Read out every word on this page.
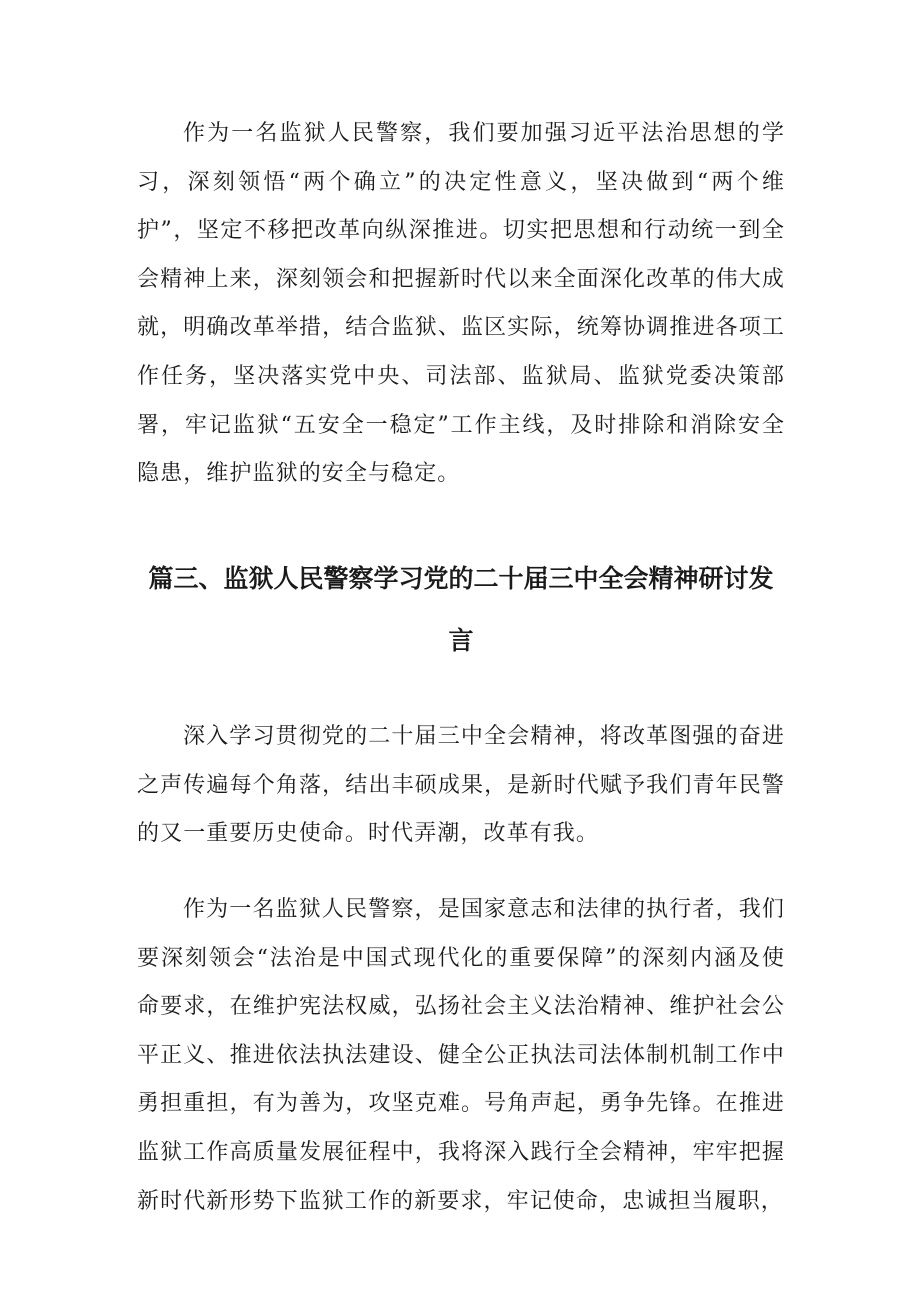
作为一名监狱人民警察，我们要加强习近平法治思想的学习，深刻领悟“两个确立”的决定性意义，坚决做到“两个维护”，坚定不移把改革向纵深推进。切实把思想和行动统一到全会精神上来，深刻领会和把握新时代以来全面深化改革的伟大成就，明确改革举措，结合监狱、监区实际，统筹协调推进各项工作任务，坚决落实党中央、司法部、监狱局、监狱党委决策部署，牢记监狱“五安全一稳定”工作主线，及时排除和消除安全隐患，维护监狱的安全与稳定。

篇三、监狱人民警察学习党的二十届三中全会精神研讨发言

深入学习贯彻党的二十届三中全会精神，将改革图强的奋进之声传遍每个角落，结出丰硕成果，是新时代赋予我们青年民警的又一重要历史使命。时代弄潮，改革有我。

作为一名监狱人民警察，是国家意志和法律的执行者，我们要深刻领会“法治是中国式现代化的重要保障”的深刻内涵及使命要求，在维护宪法权威，弘扬社会主义法治精神、维护社会公平正义、推进依法执法建设、健全公正执法司法体制机制工作中勇担重担，有为善为，攻坚克难。号角声起，勇争先锋。在推进监狱工作高质量发展征程中，我将深入践行全会精神，牢牢把握新时代新形势下监狱工作的新要求，牢记使命，忠诚担当履职，
